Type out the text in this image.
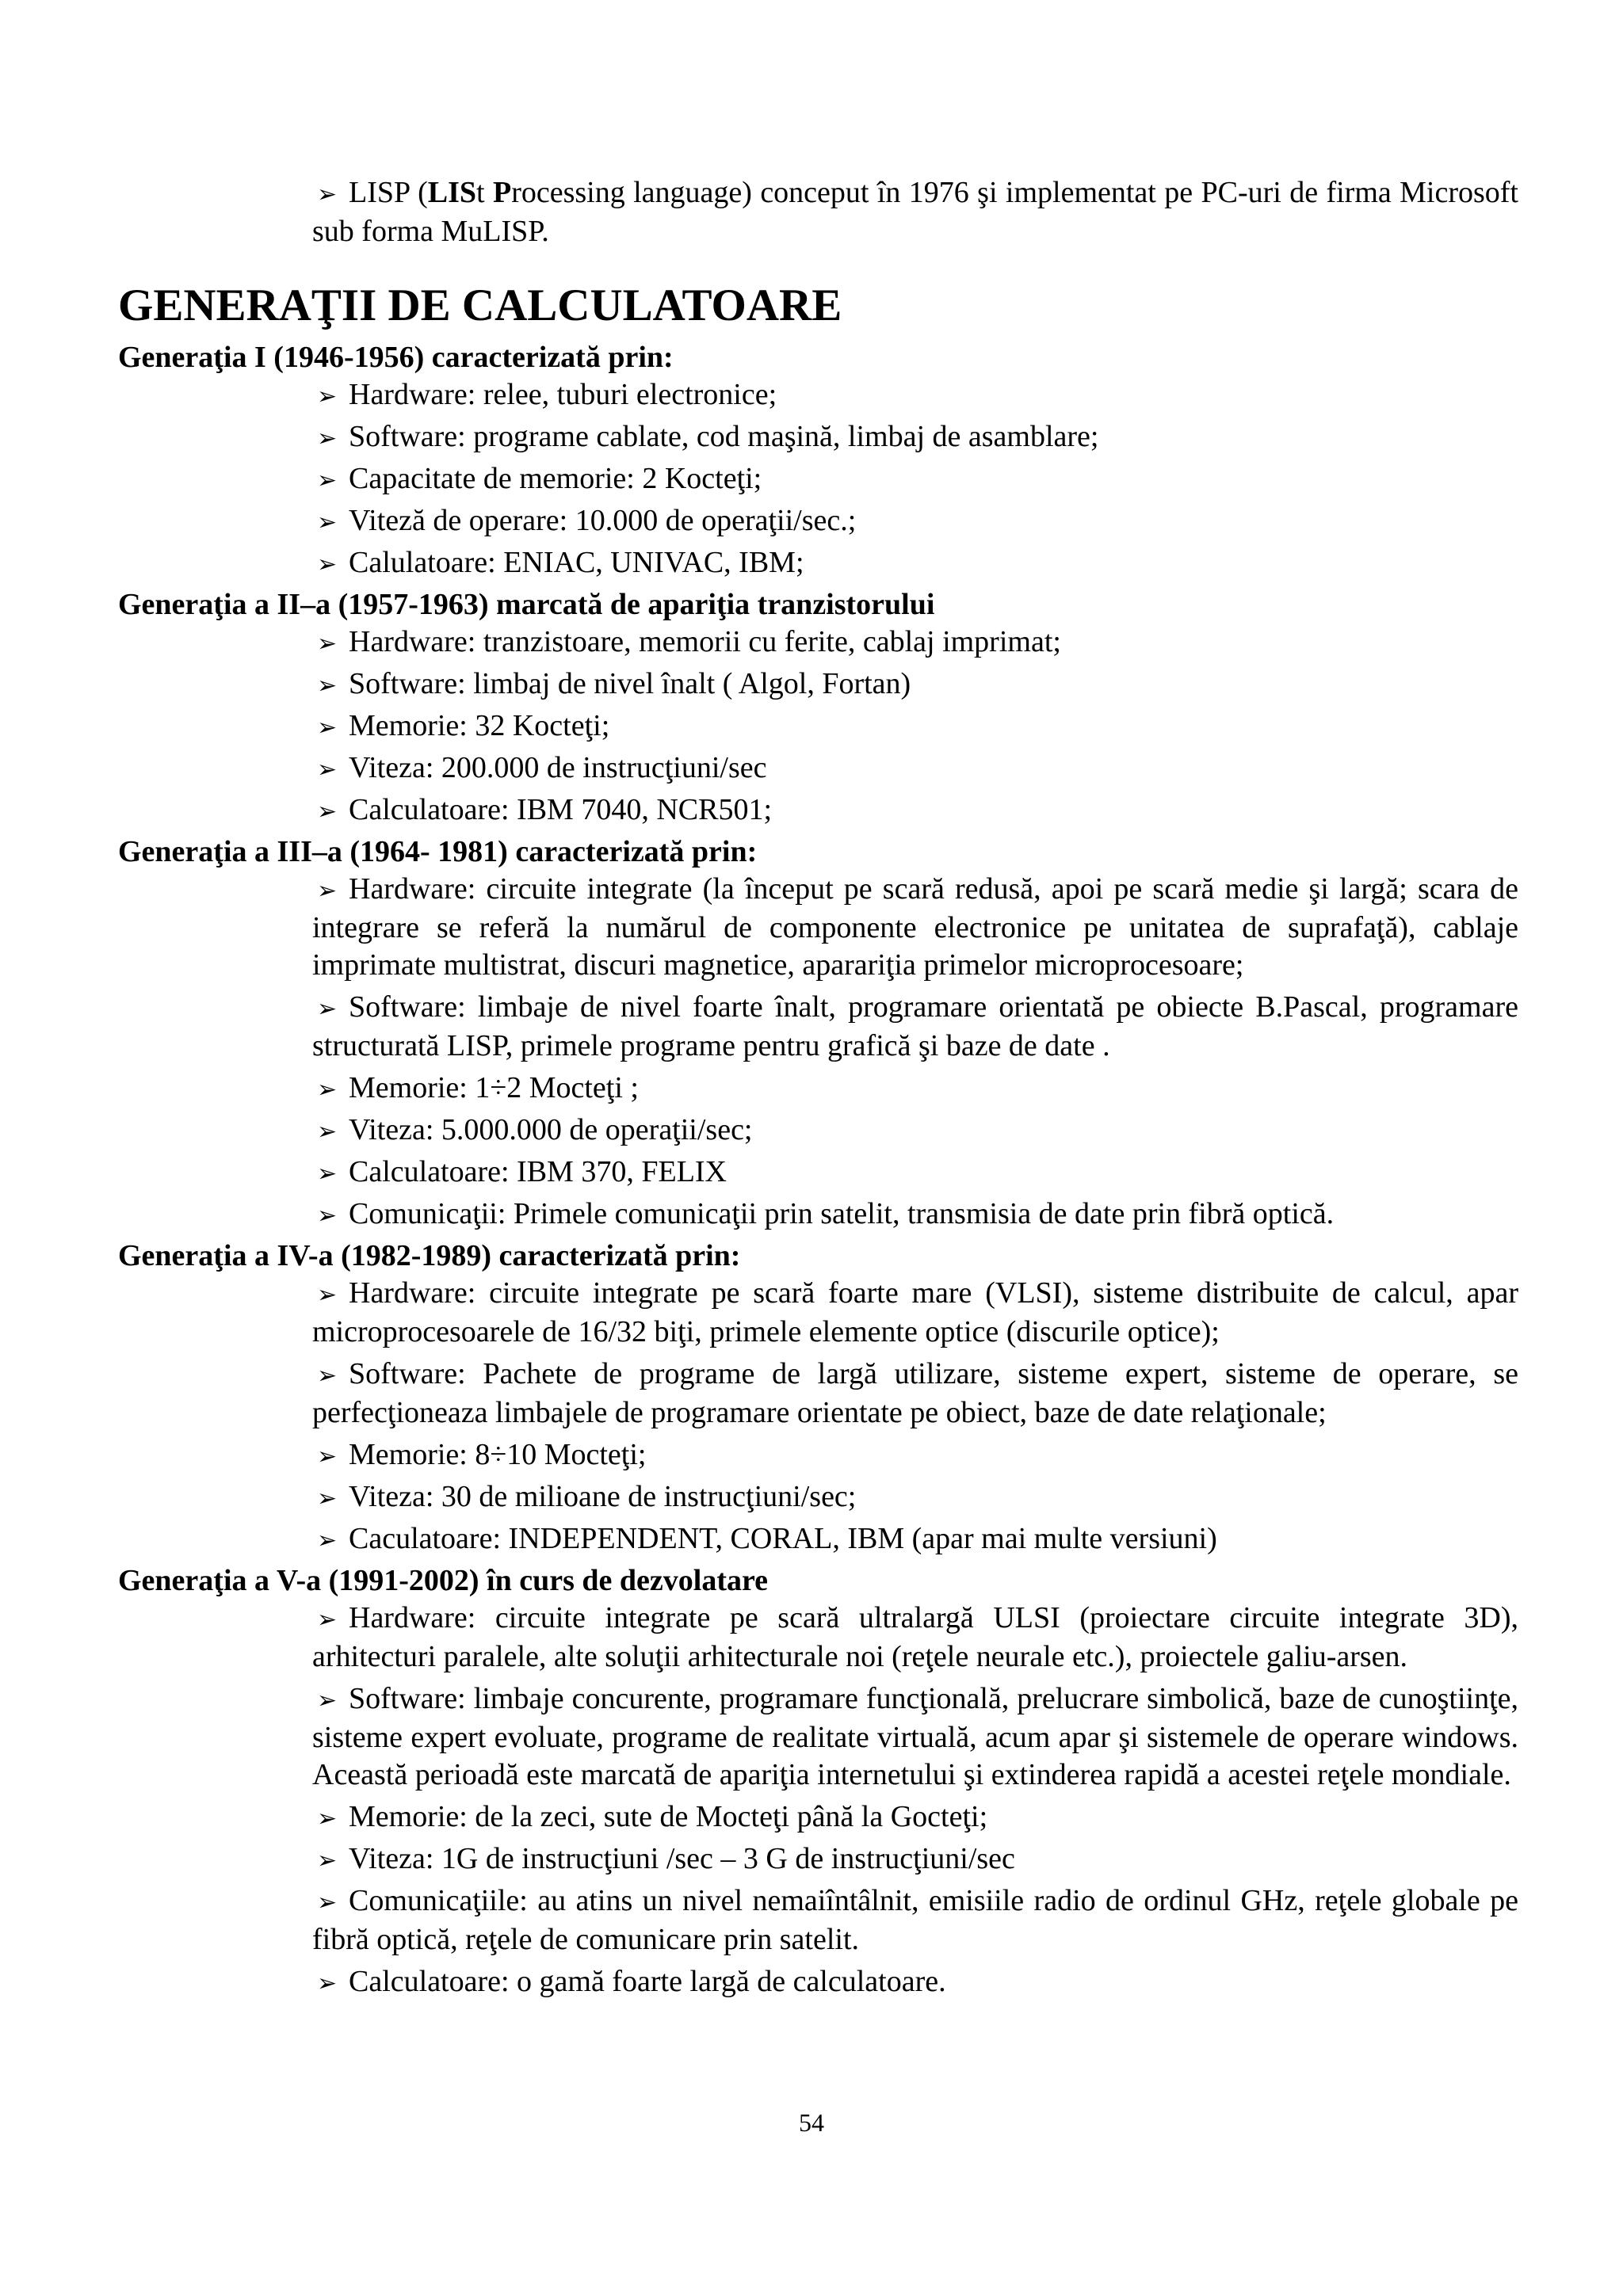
➢ LISP (LISt Processing language) conceput în 1976 şi implementat pe PC-uri de firma Microsoft sub forma MuLISP.

GENERAŢII DE CALCULATOARE

Generaţia I (1946-1956) caracterizată prin:

➢ Hardware: relee, tuburi electronice;
➢ Software: programe cablate, cod maşină, limbaj de asamblare;
➢ Capacitate de memorie: 2 Kocteţi;
➢ Viteză de operare: 10.000 de operaţii/sec.;
➢ Calulatoare: ENIAC, UNIVAC, IBM;

Generaţia a II–a (1957-1963) marcată de apariţia tranzistorului

➢ Hardware: tranzistoare, memorii cu ferite, cablaj imprimat;
➢ Software: limbaj de nivel înalt ( Algol, Fortan)
➢ Memorie: 32 Kocteţi;
➢ Viteza: 200.000 de instrucţiuni/sec
➢ Calculatoare: IBM 7040, NCR501;

Generaţia a III–a (1964- 1981) caracterizată prin:

➢ Hardware: circuite integrate (la început pe scară redusă, apoi pe scară medie şi largă; scara de integrare se referă la numărul de componente electronice pe unitatea de suprafaţă), cablaje imprimate multistrat, discuri magnetice, aparariţia primelor microprocesoare;
➢ Software: limbaje de nivel foarte înalt, programare orientată pe obiecte B.Pascal, programare structurată LISP, primele programe pentru grafică şi baze de date .
➢ Memorie: 1÷2 Mocteţi ;
➢ Viteza: 5.000.000 de operaţii/sec;
➢ Calculatoare: IBM 370, FELIX
➢ Comunicaţii: Primele comunicaţii prin satelit, transmisia de date prin fibră optică.

Generaţia a IV-a (1982-1989) caracterizată prin:

➢ Hardware: circuite integrate pe scară foarte mare (VLSI), sisteme distribuite de calcul, apar microprocesoarele de 16/32 biţi, primele elemente optice (discurile optice);
➢ Software: Pachete de programe de largă utilizare, sisteme expert, sisteme de operare, se perfecţioneaza limbajele de programare orientate pe obiect, baze de date relaţionale;
➢ Memorie: 8÷10 Mocteţi;
➢ Viteza: 30 de milioane de instrucţiuni/sec;
➢ Caculatoare: INDEPENDENT, CORAL, IBM (apar mai multe versiuni)

Generaţia a V-a (1991-2002) în curs de dezvolatare

➢ Hardware: circuite integrate pe scară ultralargă ULSI (proiectare circuite integrate 3D), arhitecturi paralele, alte soluţii arhitecturale noi (reţele neurale etc.), proiectele galiu-arsen.
➢ Software: limbaje concurente, programare funcţională, prelucrare simbolică, baze de cunoştiinţe, sisteme expert evoluate, programe de realitate virtuală, acum apar şi sistemele de operare windows. Această perioadă este marcată de apariţia internetului şi extinderea rapidă a acestei reţele mondiale.
➢ Memorie: de la zeci, sute de Mocteţi până la Gocteţi;
➢ Viteza: 1G de instrucţiuni /sec – 3 G de instrucţiuni/sec
➢ Comunicaţiile: au atins un nivel nemaiîntâlnit, emisiile radio de ordinul GHz, reţele globale pe fibră optică, reţele de comunicare prin satelit.
➢ Calculatoare: o gamă foarte largă de calculatoare.

54
